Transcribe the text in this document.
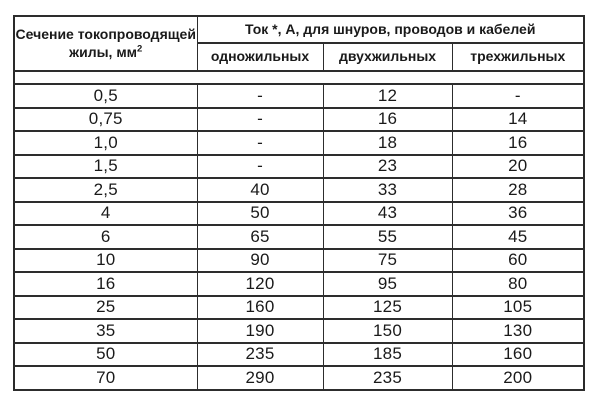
Сечение токопроводящей жилы, $мм^2$	Ток *, А, для шнуров, проводов и кабелей		
	одножильных	двухжильных	трехжильных

0,5	-	12	-
0,75	-	16	14
1,0	-	18	16
1,5	-	23	20
2,5	40	33	28
4	50	43	36
6	65	55	45
10	90	75	60
16	120	95	80
25	160	125	105
35	190	150	130
50	235	185	160
70	290	235	200
